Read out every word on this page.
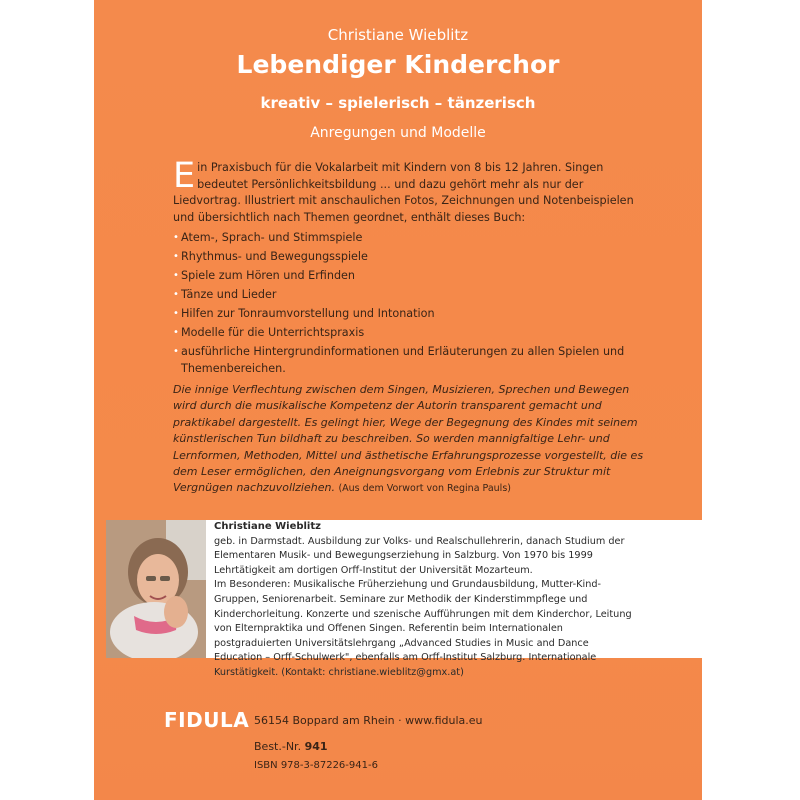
Christiane Wieblitz
Lebendiger Kinderchor
kreativ – spielerisch – tänzerisch
Anregungen und Modelle
Ein Praxisbuch für die Vokalarbeit mit Kindern von 8 bis 12 Jahren. Singen bedeutet Persönlichkeitsbildung ... und dazu gehört mehr als nur der Liedvortrag. Illustriert mit anschaulichen Fotos, Zeichnungen und Notenbeispielen und übersichtlich nach Themen geordnet, enthält dieses Buch:
• Atem-, Sprach- und Stimmspiele
• Rhythmus- und Bewegungsspiele
• Spiele zum Hören und Erfinden
• Tänze und Lieder
• Hilfen zur Tonraumvorstellung und Intonation
• Modelle für die Unterrichtspraxis
• ausführliche Hintergrundinformationen und Erläuterungen zu allen Spielen und Themenbereichen.
Die innige Verflechtung zwischen dem Singen, Musizieren, Sprechen und Bewegen wird durch die musikalische Kompetenz der Autorin transparent gemacht und praktikabel dargestellt. Es gelingt hier, Wege der Begegnung des Kindes mit seinem künstlerischen Tun bildhaft zu beschreiben. So werden mannigfaltige Lehr- und Lernformen, Methoden, Mittel und ästhetische Erfahrungsprozesse vorgestellt, die es dem Leser ermöglichen, den Aneignungsvorgang vom Erlebnis zur Struktur mit Vergnügen nachzuvollziehen. (Aus dem Vorwort von Regina Pauls)
Christiane Wieblitz
geb. in Darmstadt. Ausbildung zur Volks- und Realschullehrerin, danach Studium der Elementaren Musik- und Bewegungserziehung in Salzburg. Von 1970 bis 1999 Lehrtätigkeit am dortigen Orff-Institut der Universität Mozarteum.
Im Besonderen: Musikalische Früherziehung und Grundausbildung, Mutter-Kind-Gruppen, Seniorenarbeit. Seminare zur Methodik der Kinderstimmpflege und Kinderchorleitung. Konzerte und szenische Aufführungen mit dem Kinderchor, Leitung von Elternpraktika und Offenen Singen. Referentin beim Internationalen postgraduierten Universitätslehrgang „Advanced Studies in Music and Dance Education – Orff-Schulwerk", ebenfalls am Orff-Institut Salzburg. Internationale Kurstätigkeit. (Kontakt: christiane.wieblitz@gmx.at)
FIDULA 56154 Boppard am Rhein · www.fidula.eu
Best.-Nr. 941
ISBN 978-3-87226-941-6
